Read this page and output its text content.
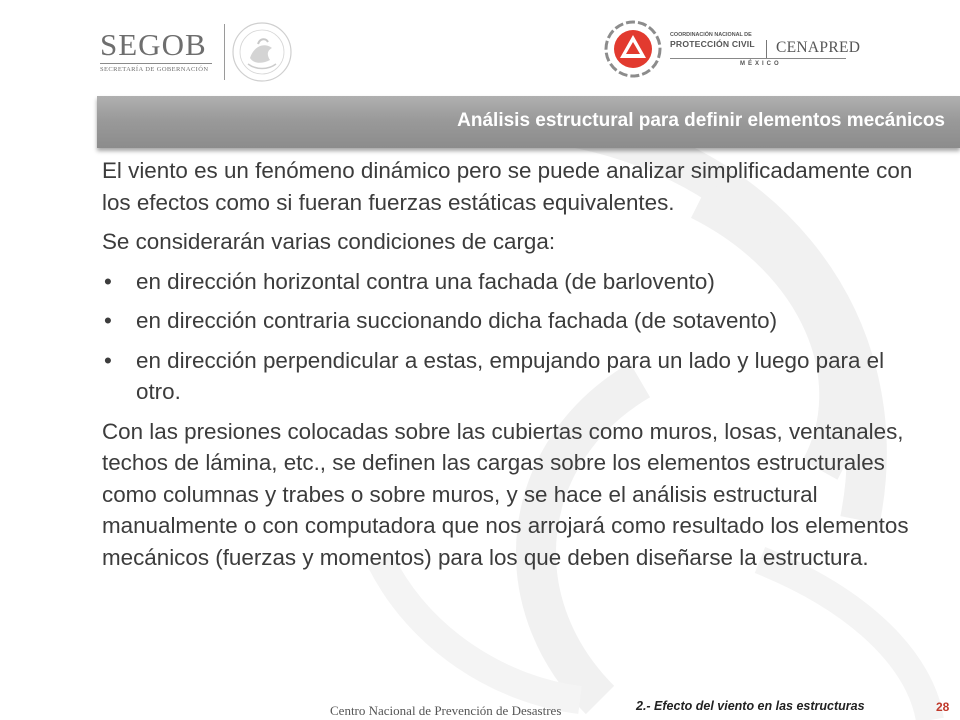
SEGOB
SECRETARÍA DE GOBERNACIÓN
COORDINACIÓN NACIONAL DE
PROTECCIÓN CIVIL	CENAPRED
MÉXICO
Análisis estructural para definir elementos mecánicos

El viento es un fenómeno dinámico pero se puede analizar simplificadamente con los efectos como si fueran fuerzas estáticas equivalentes.

Se considerarán varias condiciones de carga:

• en dirección horizontal contra una fachada (de barlovento)
• en dirección contraria succionando dicha fachada (de sotavento)
• en dirección perpendicular a estas, empujando para un lado y luego para el otro.

Con las presiones colocadas sobre las cubiertas como muros, losas, ventanales, techos de lámina, etc., se definen las cargas sobre los elementos estructurales como columnas y trabes o sobre muros, y se hace el análisis estructural manualmente o con computadora que nos arrojará como resultado los elementos mecánicos (fuerzas y momentos) para los que deben diseñarse la estructura.

Centro Nacional de Prevención de Desastres	2.- Efecto del viento en las estructuras	28
